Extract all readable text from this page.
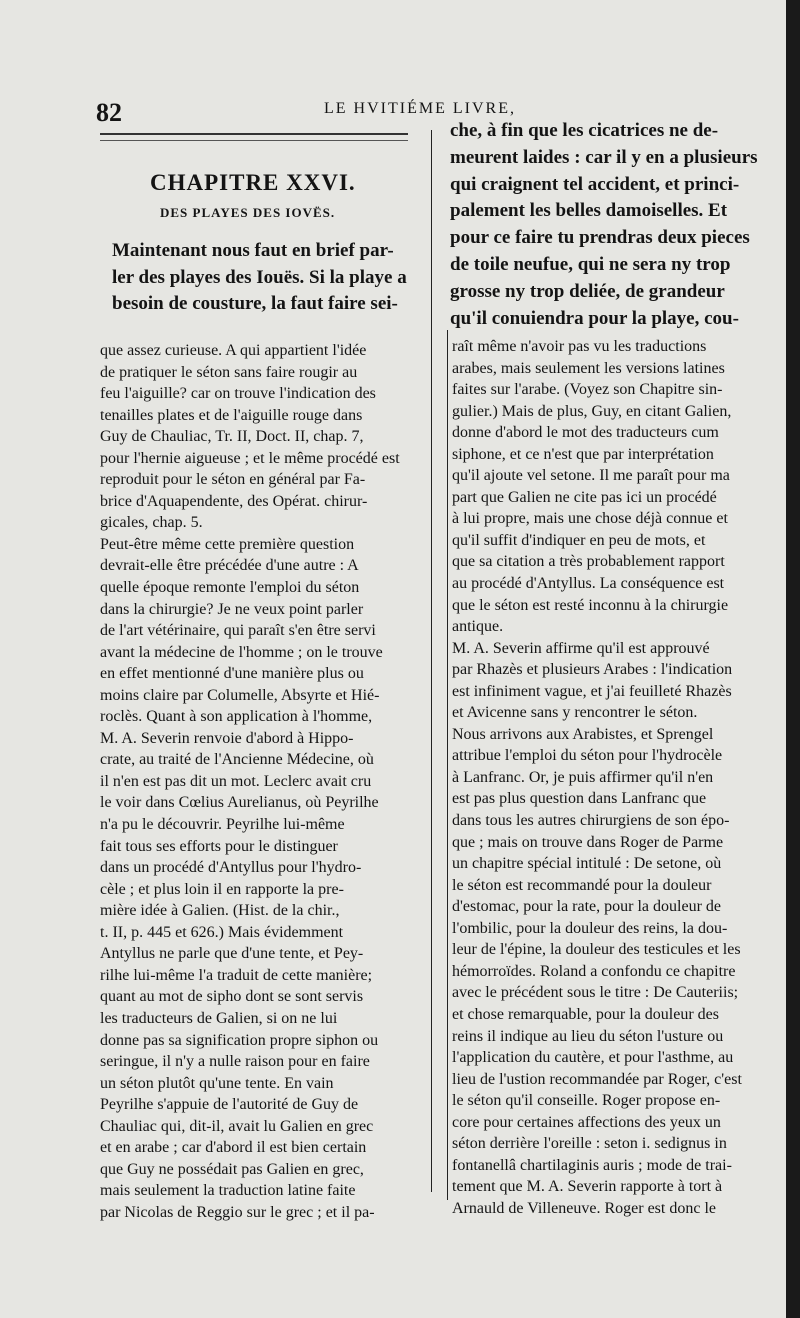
82	LE HVITIÉME LIVRE,
CHAPITRE XXVI.
DES PLAYES DES IOVËS.

Maintenant nous faut en brief par-

ler des playes des Iouës. Si la playe a

besoin de cousture, la faut faire sei-

che, à fin que les cicatrices ne de-

meurent laides : car il y en a plusieurs

qui craignent tel accident, et princi-

palement les belles damoiselles. Et

pour ce faire tu prendras deux pieces

de toile neufue, qui ne sera ny trop

grosse ny trop deliée, de grandeur

qu'il conuiendra pour la playe, cou-

que assez curieuse. A qui appartient l'idée

de pratiquer le séton sans faire rougir au

feu l'aiguille? car on trouve l'indication des

tenailles plates et de l'aiguille rouge dans

Guy de Chauliac, Tr. II, Doct. II, chap. 7,

pour l'hernie aigueuse ; et le même procédé est

reproduit pour le séton en général par Fa-

brice d'Aquapendente, des Opérat. chirur-

gicales, chap. 5.

Peut-être même cette première question

devrait-elle être précédée d'une autre : A

quelle époque remonte l'emploi du séton

dans la chirurgie? Je ne veux point parler

de l'art vétérinaire, qui paraît s'en être servi

avant la médecine de l'homme ; on le trouve

en effet mentionné d'une manière plus ou

moins claire par Columelle, Absyrte et Hié-

roclès. Quant à son application à l'homme,

M. A. Severin renvoie d'abord à Hippo-

crate, au traité de l'Ancienne Médecine, où

il n'en est pas dit un mot. Leclerc avait cru

le voir dans Cœlius Aurelianus, où Peyrilhe

n'a pu le découvrir. Peyrilhe lui-même

fait tous ses efforts pour le distinguer

dans un procédé d'Antyllus pour l'hydro-

cèle ; et plus loin il en rapporte la pre-

mière idée à Galien. (Hist. de la chir.,

t. II, p. 445 et 626.) Mais évidemment

Antyllus ne parle que d'une tente, et Pey-

rilhe lui-même l'a traduit de cette manière;

quant au mot de sipho dont se sont servis

les traducteurs de Galien, si on ne lui

donne pas sa signification propre siphon ou

seringue, il n'y a nulle raison pour en faire

un séton plutôt qu'une tente. En vain

Peyrilhe s'appuie de l'autorité de Guy de

Chauliac qui, dit-il, avait lu Galien en grec

et en arabe ; car d'abord il est bien certain

que Guy ne possédait pas Galien en grec,

mais seulement la traduction latine faite

par Nicolas de Reggio sur le grec ; et il pa-

raît même n'avoir pas vu les traductions

arabes, mais seulement les versions latines

faites sur l'arabe. (Voyez son Chapitre sin-

gulier.) Mais de plus, Guy, en citant Galien,

donne d'abord le mot des traducteurs cum

siphone, et ce n'est que par interprétation

qu'il ajoute vel setone. Il me paraît pour ma

part que Galien ne cite pas ici un procédé

à lui propre, mais une chose déjà connue et

qu'il suffit d'indiquer en peu de mots, et

que sa citation a très probablement rapport

au procédé d'Antyllus. La conséquence est

que le séton est resté inconnu à la chirurgie

antique.

M. A. Severin affirme qu'il est approuvé

par Rhazès et plusieurs Arabes : l'indication

est infiniment vague, et j'ai feuilleté Rhazès

et Avicenne sans y rencontrer le séton.

Nous arrivons aux Arabistes, et Sprengel

attribue l'emploi du séton pour l'hydrocèle

à Lanfranc. Or, je puis affirmer qu'il n'en

est pas plus question dans Lanfranc que

dans tous les autres chirurgiens de son épo-

que ; mais on trouve dans Roger de Parme

un chapitre spécial intitulé : De setone, où

le séton est recommandé pour la douleur

d'estomac, pour la rate, pour la douleur de

l'ombilic, pour la douleur des reins, la dou-

leur de l'épine, la douleur des testicules et les

hémorroïdes. Roland a confondu ce chapitre

avec le précédent sous le titre : De Cauteriis;

et chose remarquable, pour la douleur des

reins il indique au lieu du séton l'usture ou

l'application du cautère, et pour l'asthme, au

lieu de l'ustion recommandée par Roger, c'est

le séton qu'il conseille. Roger propose en-

core pour certaines affections des yeux un

séton derrière l'oreille : seton i. sedignus in

fontanellâ chartilaginis auris ; mode de trai-

tement que M. A. Severin rapporte à tort à

Arnauld de Villeneuve. Roger est donc le
